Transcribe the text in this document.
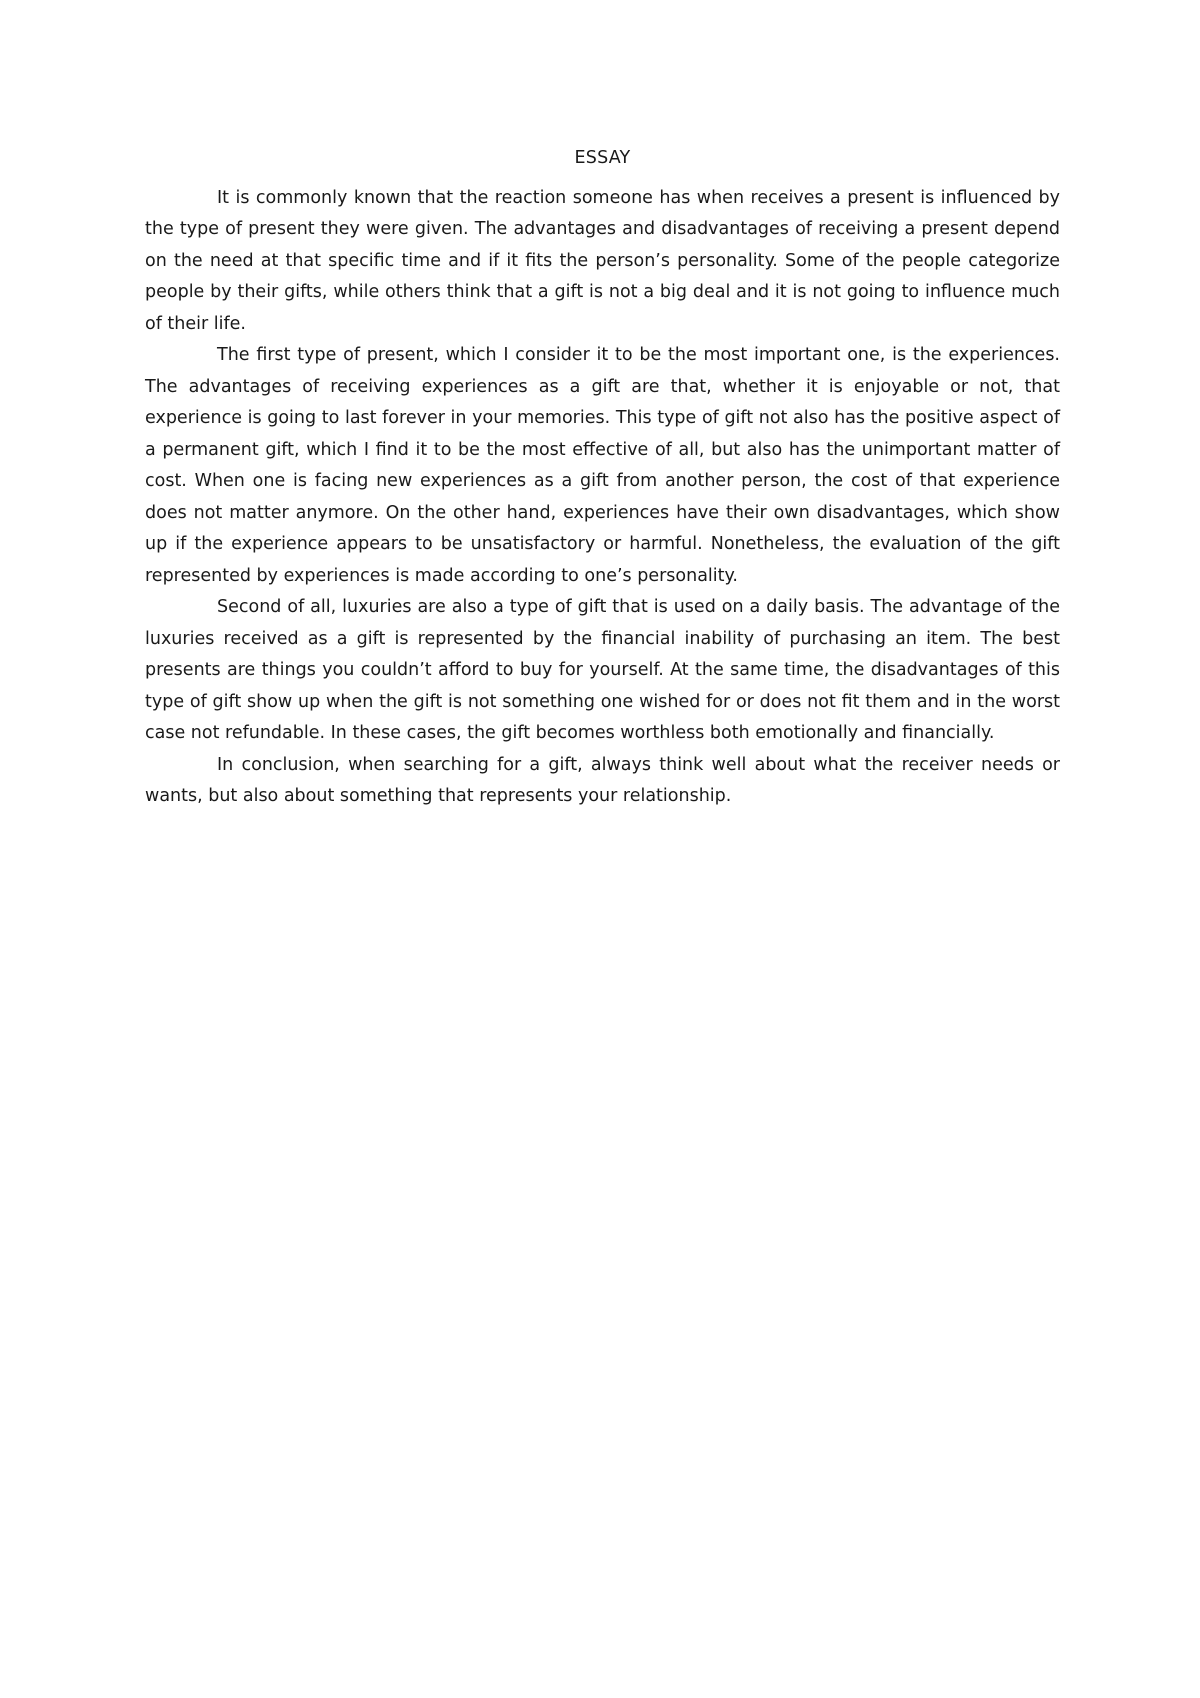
ESSAY

It is commonly known that the reaction someone has when receives a present is influenced by the type of present they were given. The advantages and disadvantages of receiving a present depend on the need at that specific time and if it fits the person’s personality. Some of the people categorize people by their gifts, while others think that a gift is not a big deal and it is not going to influence much of their life.

The first type of present, which I consider it to be the most important one, is the experiences. The advantages of receiving experiences as a gift are that, whether it is enjoyable or not, that experience is going to last forever in your memories. This type of gift not also has the positive aspect of a permanent gift, which I find it to be the most effective of all, but also has the unimportant matter of cost. When one is facing new experiences as a gift from another person, the cost of that experience does not matter anymore. On the other hand, experiences have their own disadvantages, which show up if the experience appears to be unsatisfactory or harmful. Nonetheless, the evaluation of the gift represented by experiences is made according to one’s personality.

Second of all, luxuries are also a type of gift that is used on a daily basis. The advantage of the luxuries received as a gift is represented by the financial inability of purchasing an item. The best presents are things you couldn’t afford to buy for yourself. At the same time, the disadvantages of this type of gift show up when the gift is not something one wished for or does not fit them and in the worst case not refundable. In these cases, the gift becomes worthless both emotionally and financially.

In conclusion, when searching for a gift, always think well about what the receiver needs or wants, but also about something that represents your relationship.
